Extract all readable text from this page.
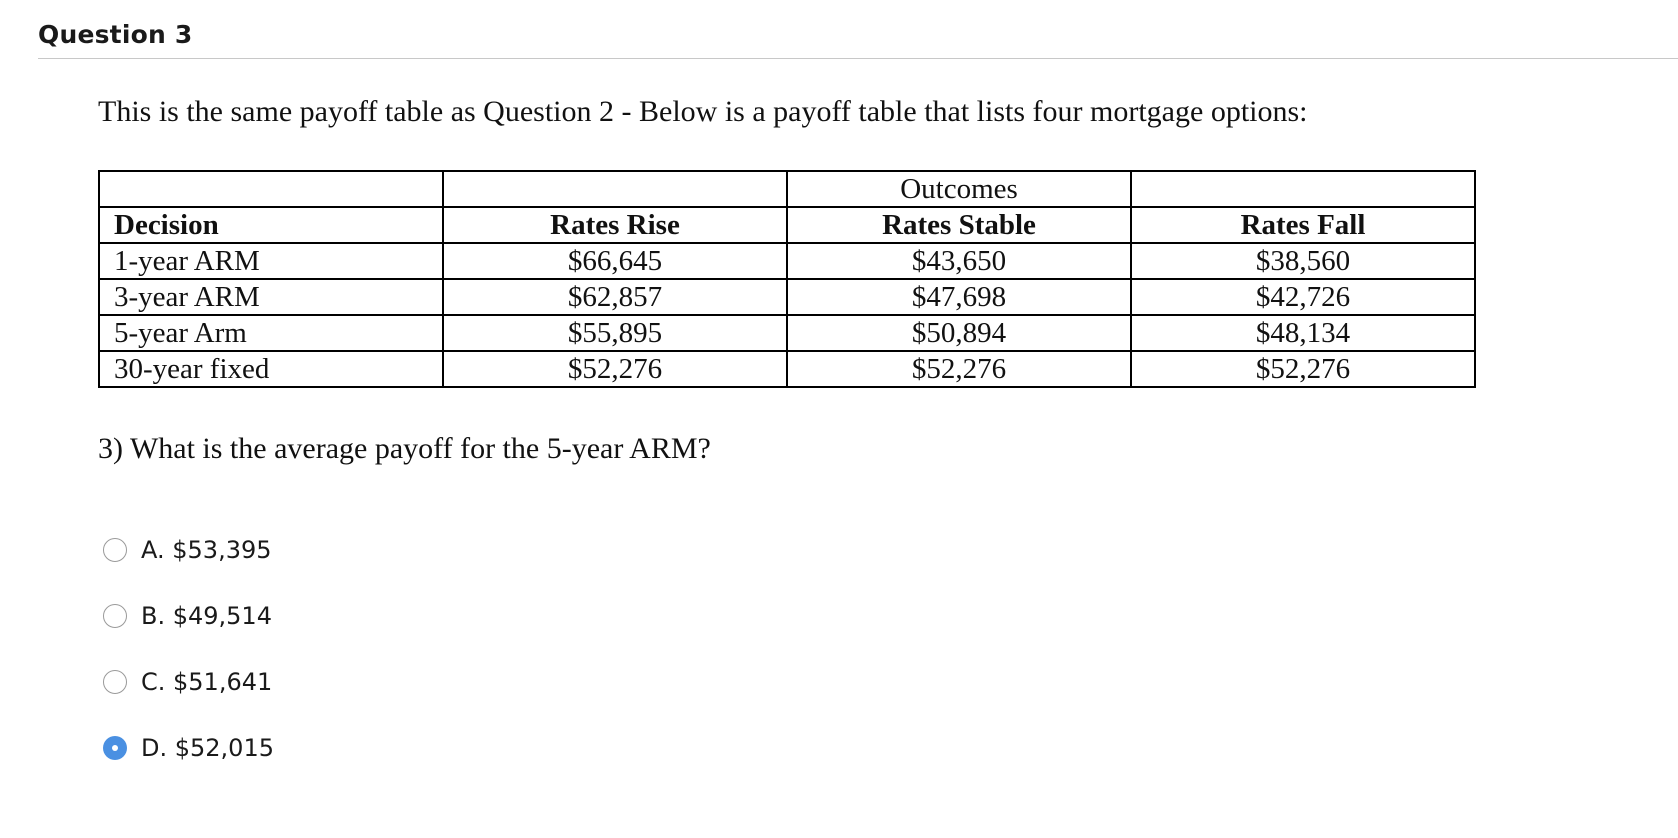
Question 3
This is the same payoff table as Question 2 - Below is a payoff table that lists four mortgage options:
		Outcomes	
Decision	Rates Rise	Rates Stable	Rates Fall
1-year ARM	$66,645	$43,650	$38,560
3-year ARM	$62,857	$47,698	$42,726
5-year Arm	$55,895	$50,894	$48,134
30-year fixed	$52,276	$52,276	$52,276
3) What is the average payoff for the 5-year ARM?
A. $53,395
B. $49,514
C. $51,641
D. $52,015
